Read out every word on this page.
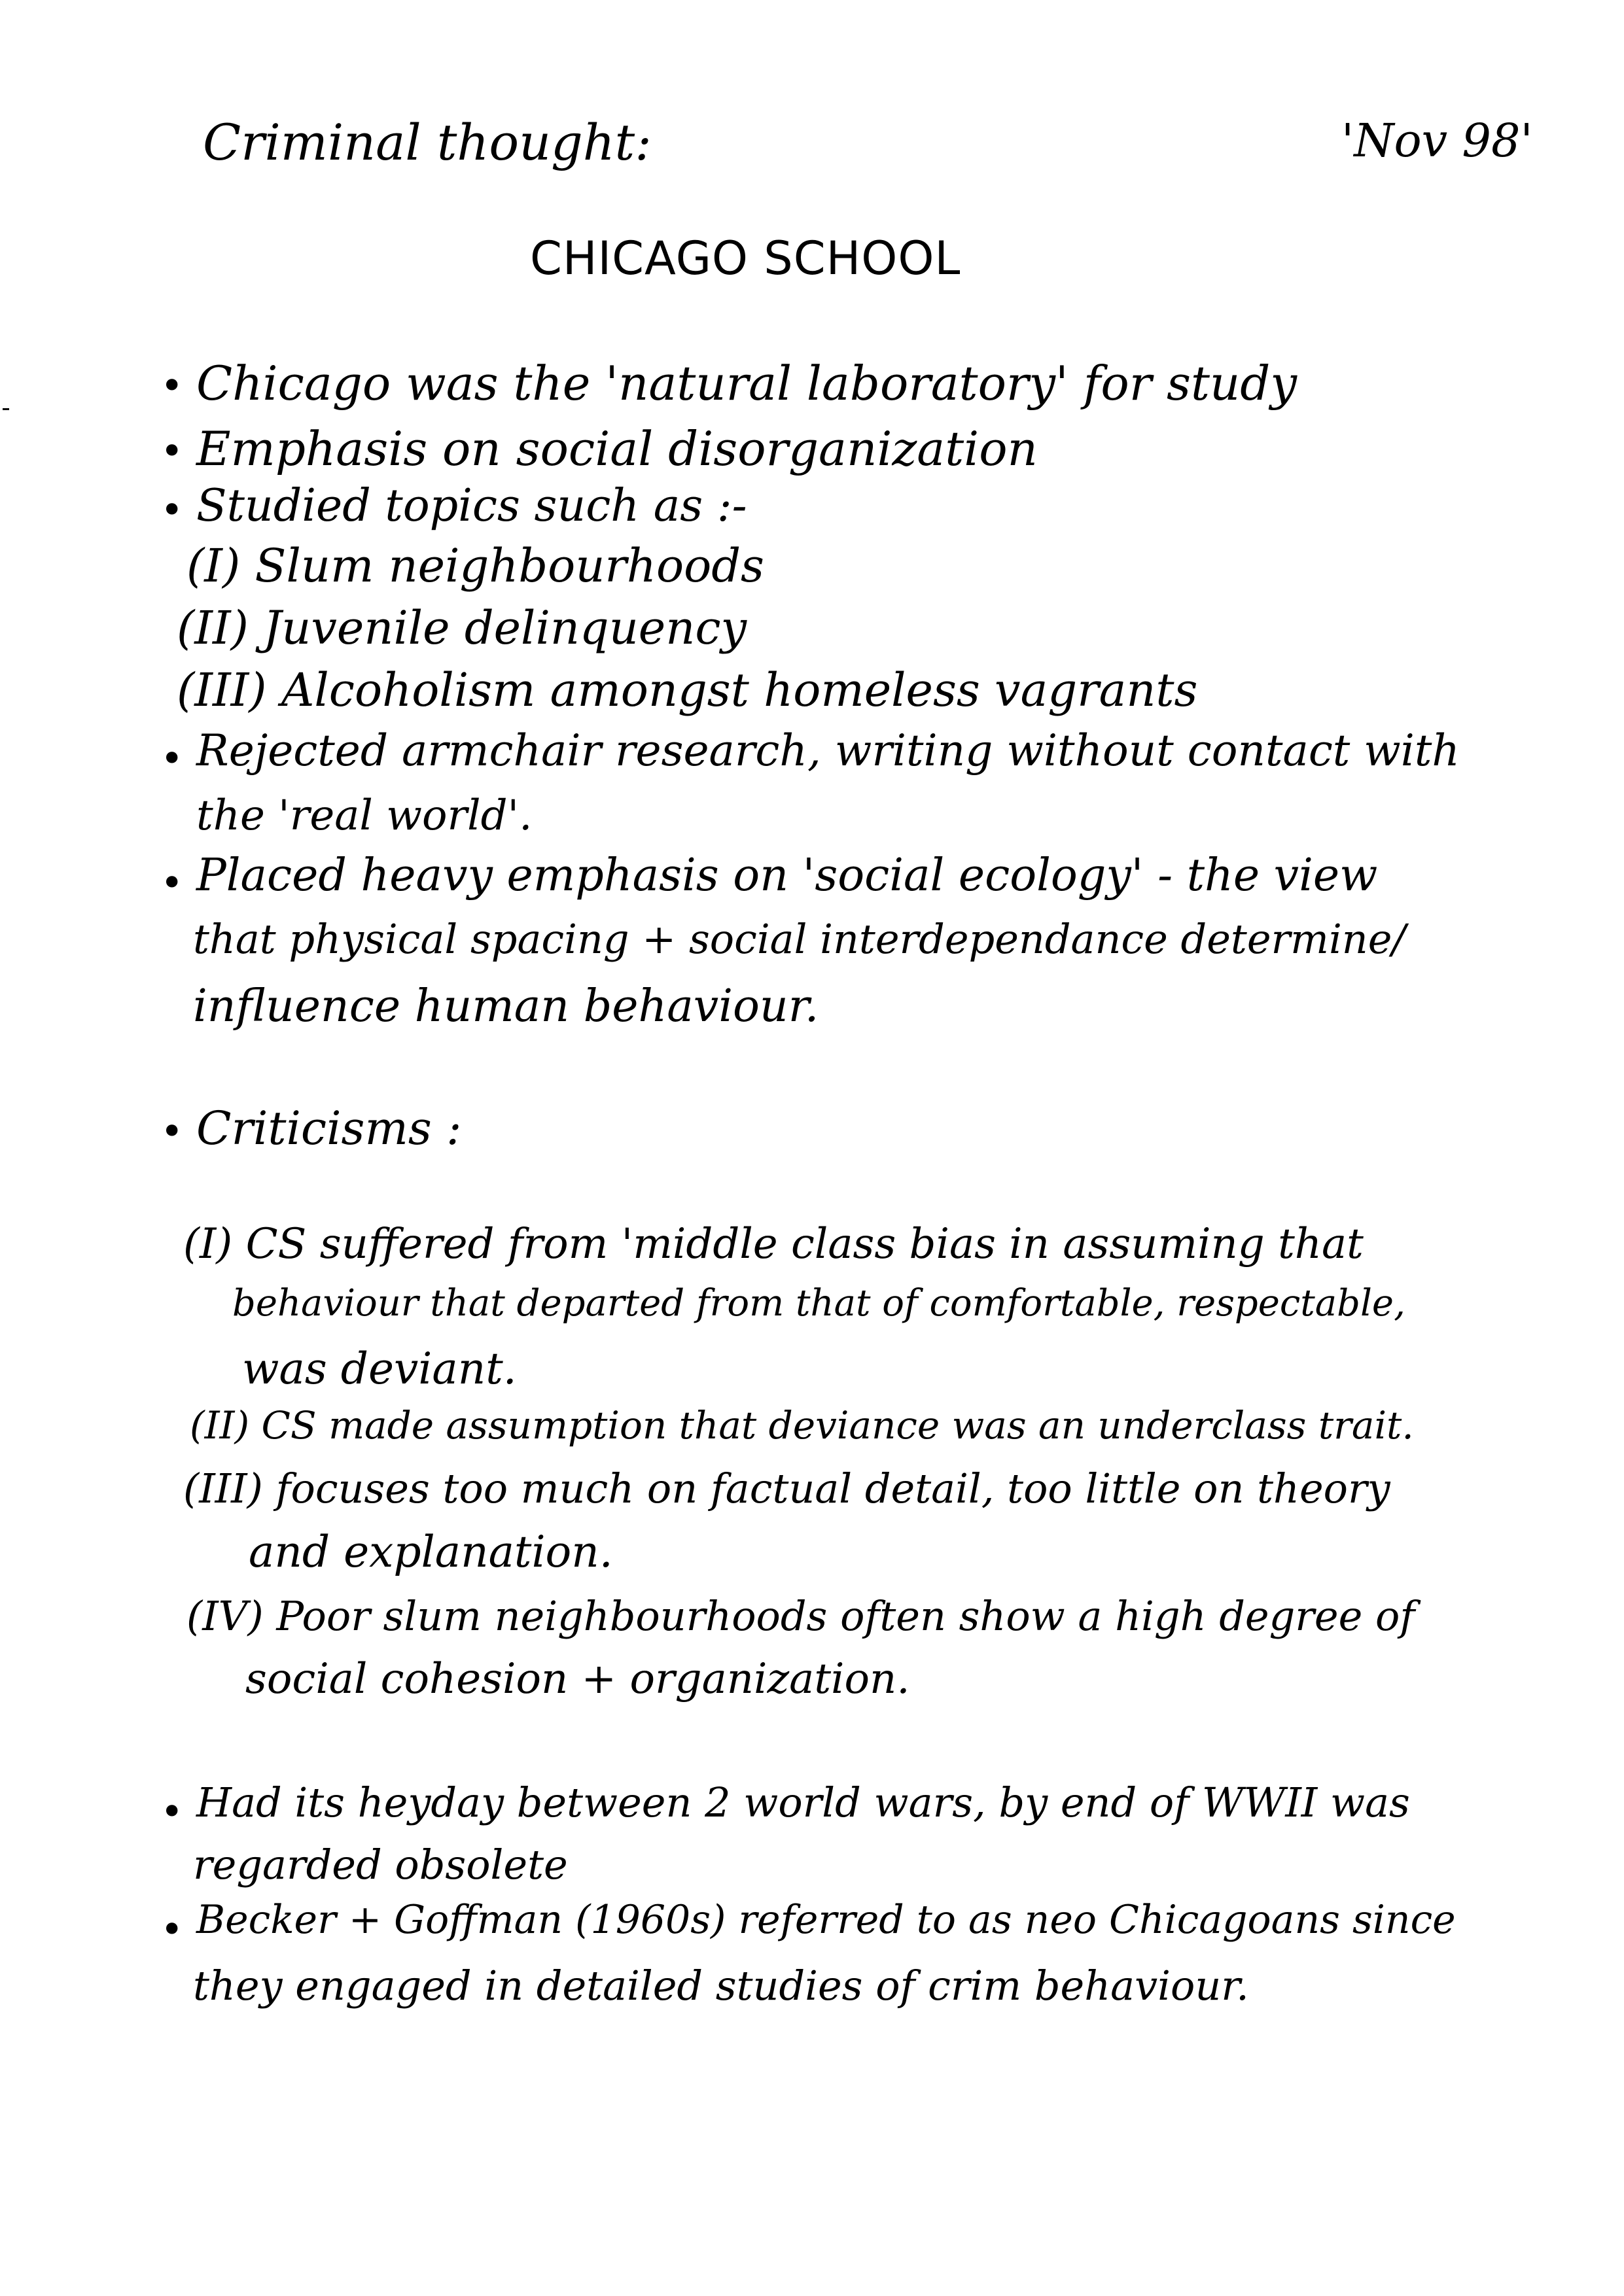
Criminal thought:	'Nov 98'
CHICAGO SCHOOL
• Chicago was the 'natural laboratory' for study
• Emphasis on social disorganization
• Studied topics such as :-
(I) Slum neighbourhoods
(II) Juvenile delinquency
(III) Alcoholism amongst homeless vagrants
• Rejected armchair research, writing without contact with
the 'real world'.
• Placed heavy emphasis on 'social ecology' - the view
that physical spacing + social interdependance determine/
influence human behaviour.
• Criticisms :
(I) CS suffered from 'middle class bias in assuming that
behaviour that departed from that of comfortable, respectable,
was deviant.
(II) CS made assumption that deviance was an underclass trait.
(III) focuses too much on factual detail, too little on theory
and explanation.
(IV) Poor slum neighbourhoods often show a high degree of
social cohesion + organization.
• Had its heyday between 2 world wars, by end of WWII was
regarded obsolete
• Becker + Goffman (1960s) referred to as neo Chicagoans since
they engaged in detailed studies of crim behaviour.
